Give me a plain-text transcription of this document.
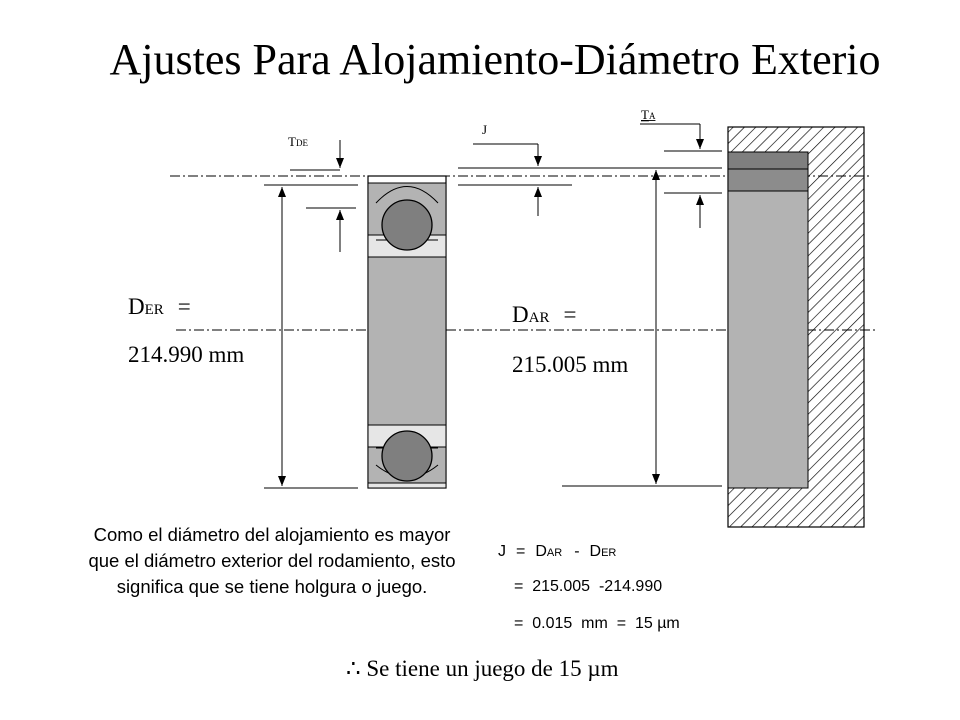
Ajustes Para Alojamiento-Diámetro Exterio
TDE
J
TA
DER =
214.990 mm
DAR =
215.005 mm
J = DAR - DER
=  215.005  -214.990
=  0.015  mm  =  15 µm
Como el diámetro del alojamiento es mayor que el diámetro exterior del rodamiento, esto significa que se tiene holgura o juego.
∴ Se tiene un juego de 15 µm
